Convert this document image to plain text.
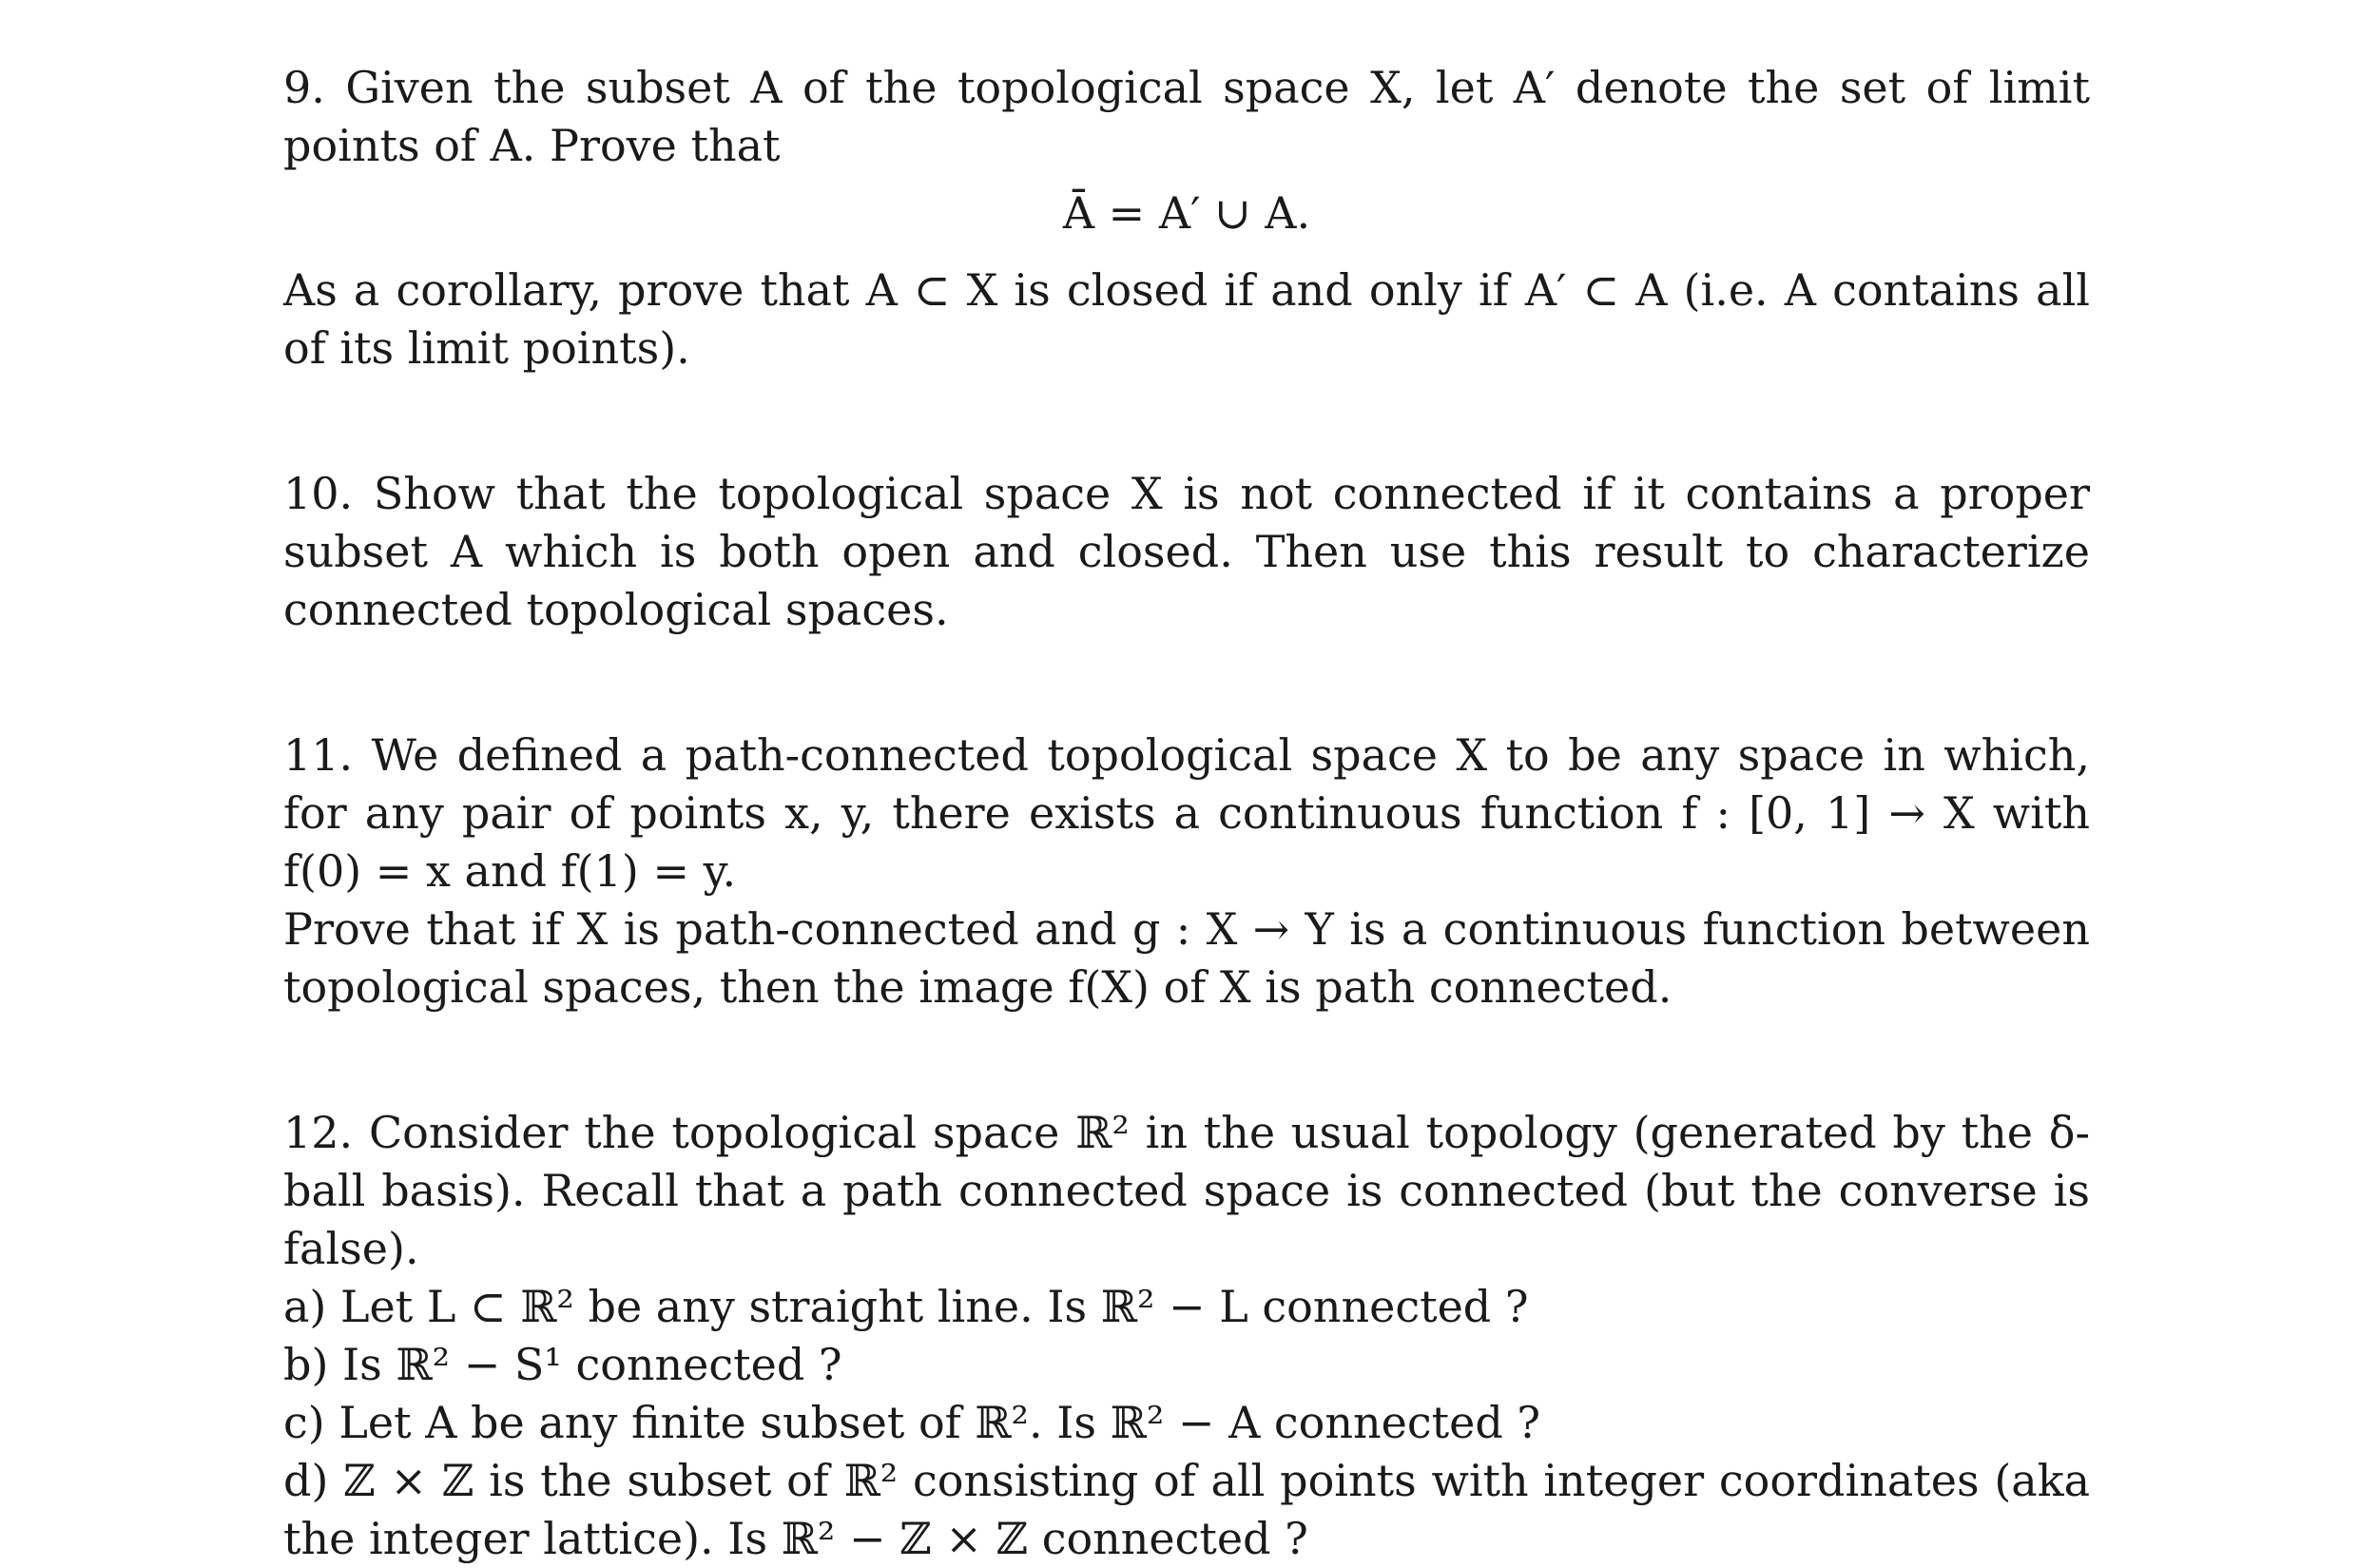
9. Given the subset A of the topological space X, let A′ denote the set of limit points of A. Prove that

Ā = A′ ∪ A.

As a corollary, prove that A ⊂ X is closed if and only if A′ ⊂ A (i.e. A contains all of its limit points).

10. Show that the topological space X is not connected if it contains a proper subset A which is both open and closed. Then use this result to characterize connected topological spaces.

11. We defined a path-connected topological space X to be any space in which, for any pair of points x, y, there exists a continuous function f : [0, 1] → X with f(0) = x and f(1) = y.

Prove that if X is path-connected and g : X → Y is a continuous function between topological spaces, then the image f(X) of X is path connected.

12. Consider the topological space ℝ² in the usual topology (generated by the δ-ball basis). Recall that a path connected space is connected (but the converse is false).

a) Let L ⊂ ℝ² be any straight line. Is ℝ² − L connected ?

b) Is ℝ² − S¹ connected ?

c) Let A be any finite subset of ℝ². Is ℝ² − A connected ?

d) ℤ × ℤ is the subset of ℝ² consisting of all points with integer coordinates (aka the integer lattice). Is ℝ² − ℤ × ℤ connected ?
